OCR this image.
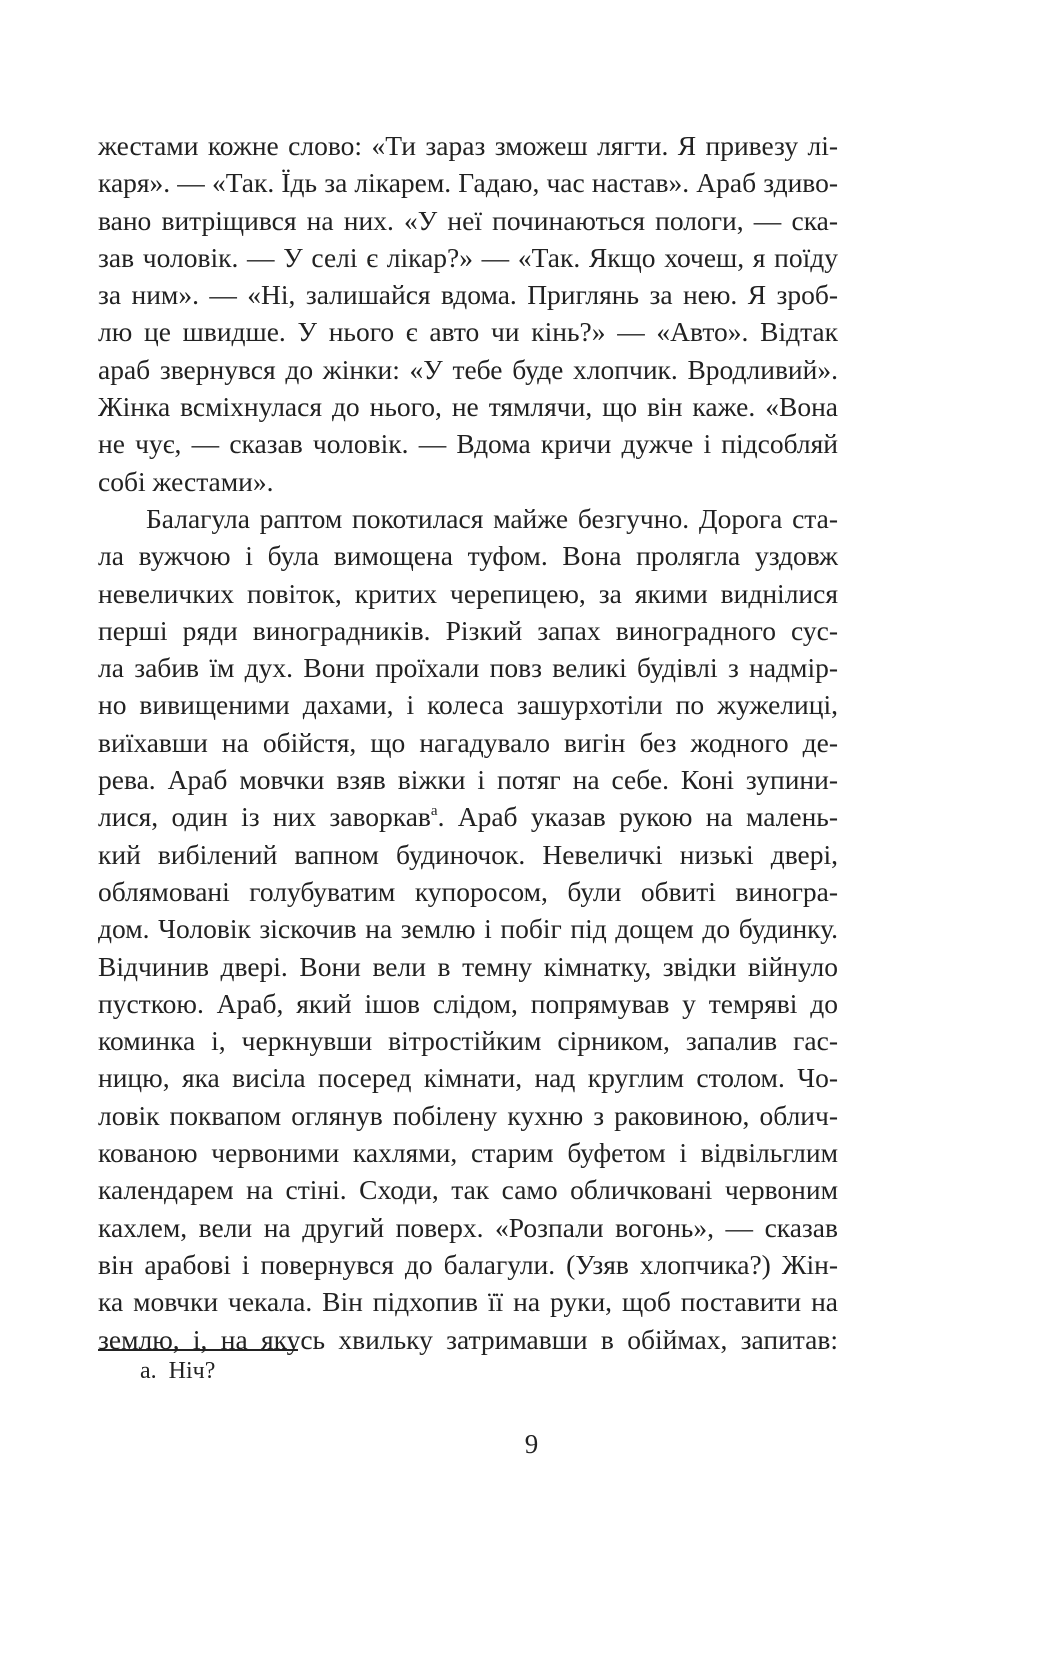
жестами кожне слово: «Ти зараз зможеш лягти. Я привезу лі-
каря». — «Так. Їдь за лікарем. Гадаю, час настав». Араб здиво-
вано витріщився на них. «У неї починаються пологи, — ска-
зав чоловік. — У селі є лікар?» — «Так. Якщо хочеш, я поїду
за ним». — «Ні, залишайся вдома. Приглянь за нею. Я зроб-
лю це швидше. У нього є авто чи кінь?» — «Авто». Відтак
араб звернувся до жінки: «У тебе буде хлопчик. Вродливий».
Жінка всміхнулася до нього, не тямлячи, що він каже. «Вона
не чує, — сказав чоловік. — Вдома кричи дужче і підсобляй
собі жестами».
Балагула раптом покотилася майже безгучно. Дорога ста-
ла вужчою і була вимощена туфом. Вона пролягла уздовж
невеличких повіток, критих черепицею, за якими виднілися
перші ряди виноградників. Різкий запах виноградного сус-
ла забив їм дух. Вони проїхали повз великі будівлі з надмір-
но вивищеними дахами, і колеса зашурхотіли по жужелиці,
виїхавши на обійстя, що нагадувало вигін без жодного де-
рева. Араб мовчки взяв віжки і потяг на себе. Коні зупини-
лися, один із них заворкав$^a$. Араб указав рукою на малень-
кий вибілений вапном будиночок. Невеличкі низькі двері,
облямовані голубуватим купоросом, були обвиті виногра-
дом. Чоловік зіскочив на землю і побіг під дощем до будинку.
Відчинив двері. Вони вели в темну кімнатку, звідки війнуло
пусткою. Араб, який ішов слідом, попрямував у темряві до
коминка і, черкнувши вітростійким сірником, запалив гас-
ницю, яка висіла посеред кімнати, над круглим столом. Чо-
ловік поквапом оглянув побілену кухню з раковиною, облич-
кованою червоними кахлями, старим буфетом і відвільглим
календарем на стіні. Сходи, так само обличковані червоним
кахлем, вели на другий поверх. «Розпали вогонь», — сказав
він арабові і повернувся до балагули. (Узяв хлопчика?) Жін-
ка мовчки чекала. Він підхопив її на руки, щоб поставити на
землю, і, на якусь хвильку затримавши в обіймах, запитав:
a. Ніч?
9
